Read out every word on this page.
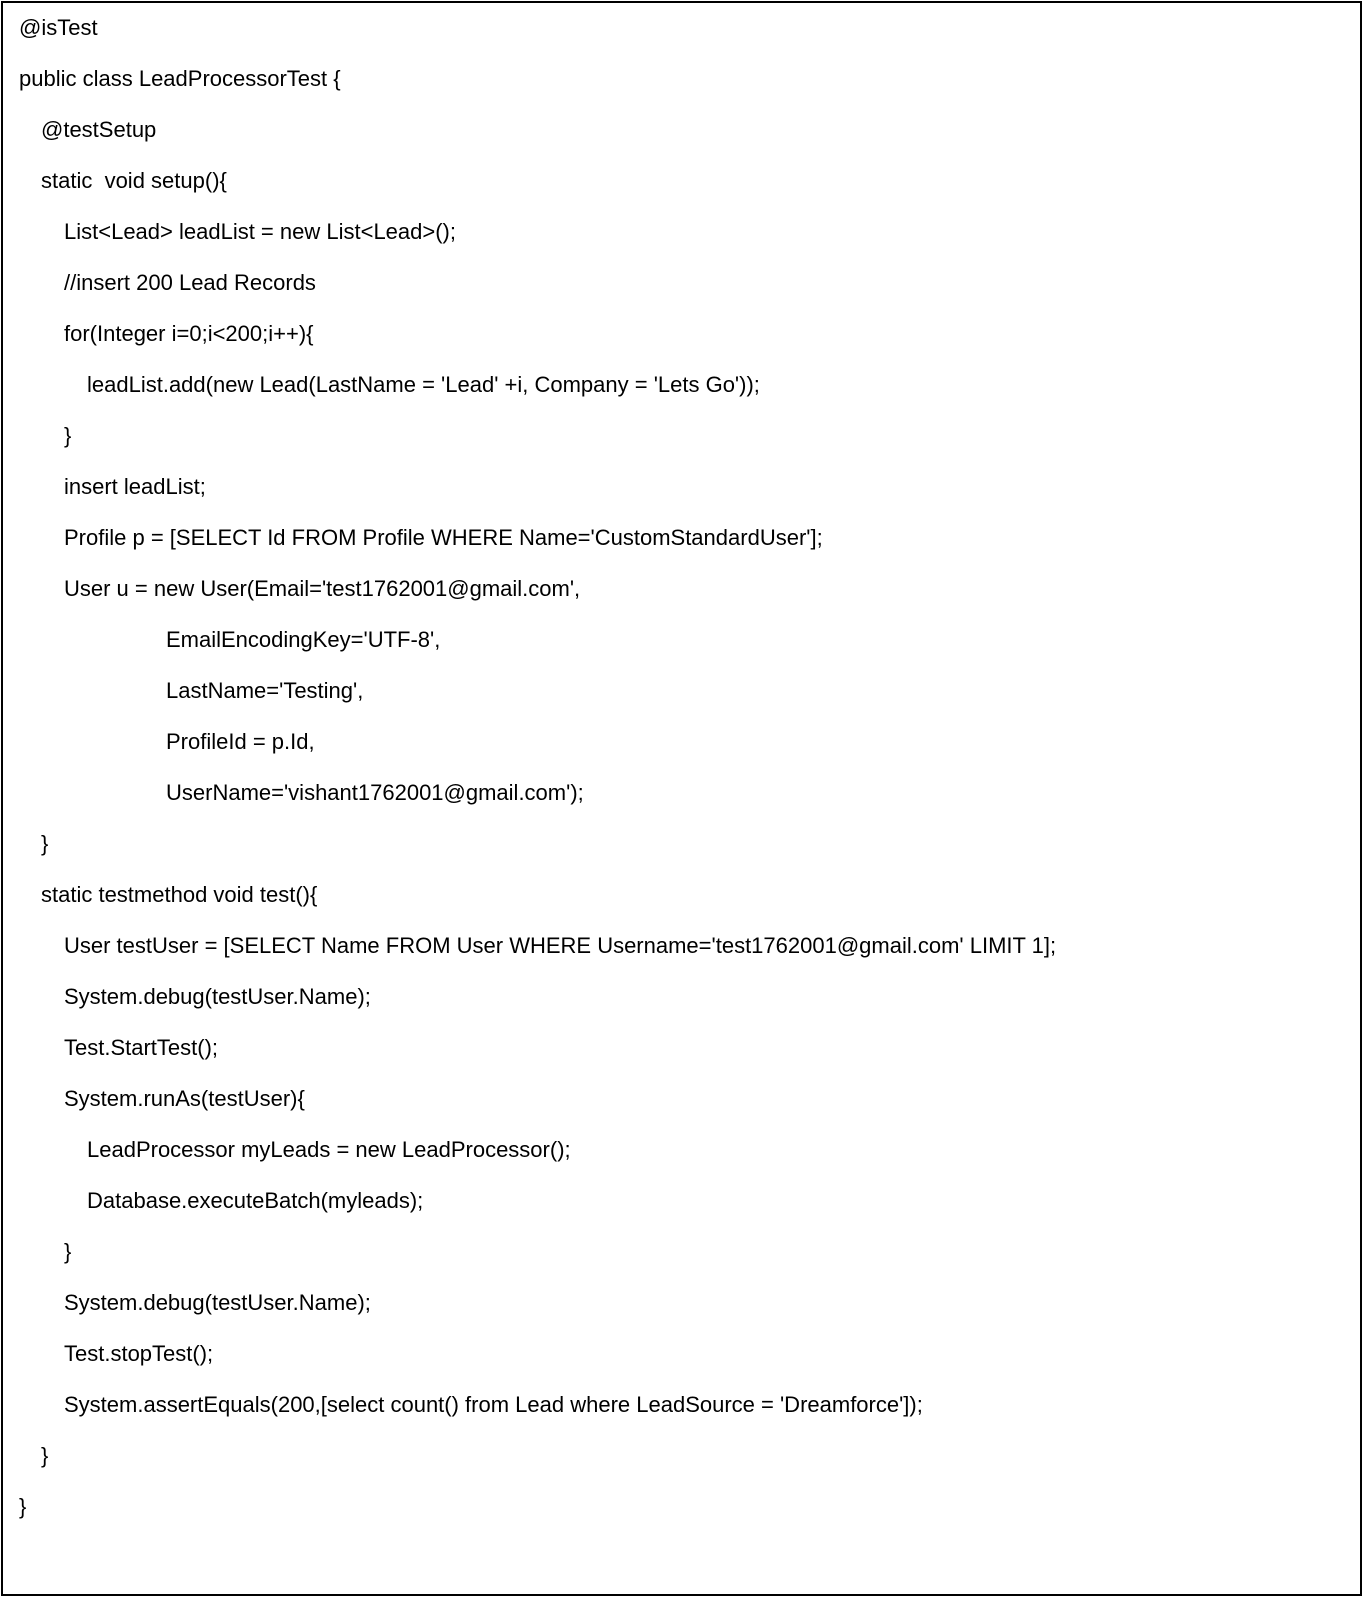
@isTest
public class LeadProcessorTest {
@testSetup
static  void setup(){
List<Lead> leadList = new List<Lead>();
//insert 200 Lead Records
for(Integer i=0;i<200;i++){
leadList.add(new Lead(LastName = 'Lead' +i, Company = 'Lets Go'));
}
insert leadList;
Profile p = [SELECT Id FROM Profile WHERE Name='CustomStandardUser'];
User u = new User(Email='test1762001@gmail.com',
EmailEncodingKey='UTF-8',
LastName='Testing',
ProfileId = p.Id,
UserName='vishant1762001@gmail.com');
}
static testmethod void test(){
User testUser = [SELECT Name FROM User WHERE Username='test1762001@gmail.com' LIMIT 1];
System.debug(testUser.Name);
Test.StartTest();
System.runAs(testUser){
LeadProcessor myLeads = new LeadProcessor();
Database.executeBatch(myleads);
}
System.debug(testUser.Name);
Test.stopTest();
System.assertEquals(200,[select count() from Lead where LeadSource = 'Dreamforce']);
}
}
